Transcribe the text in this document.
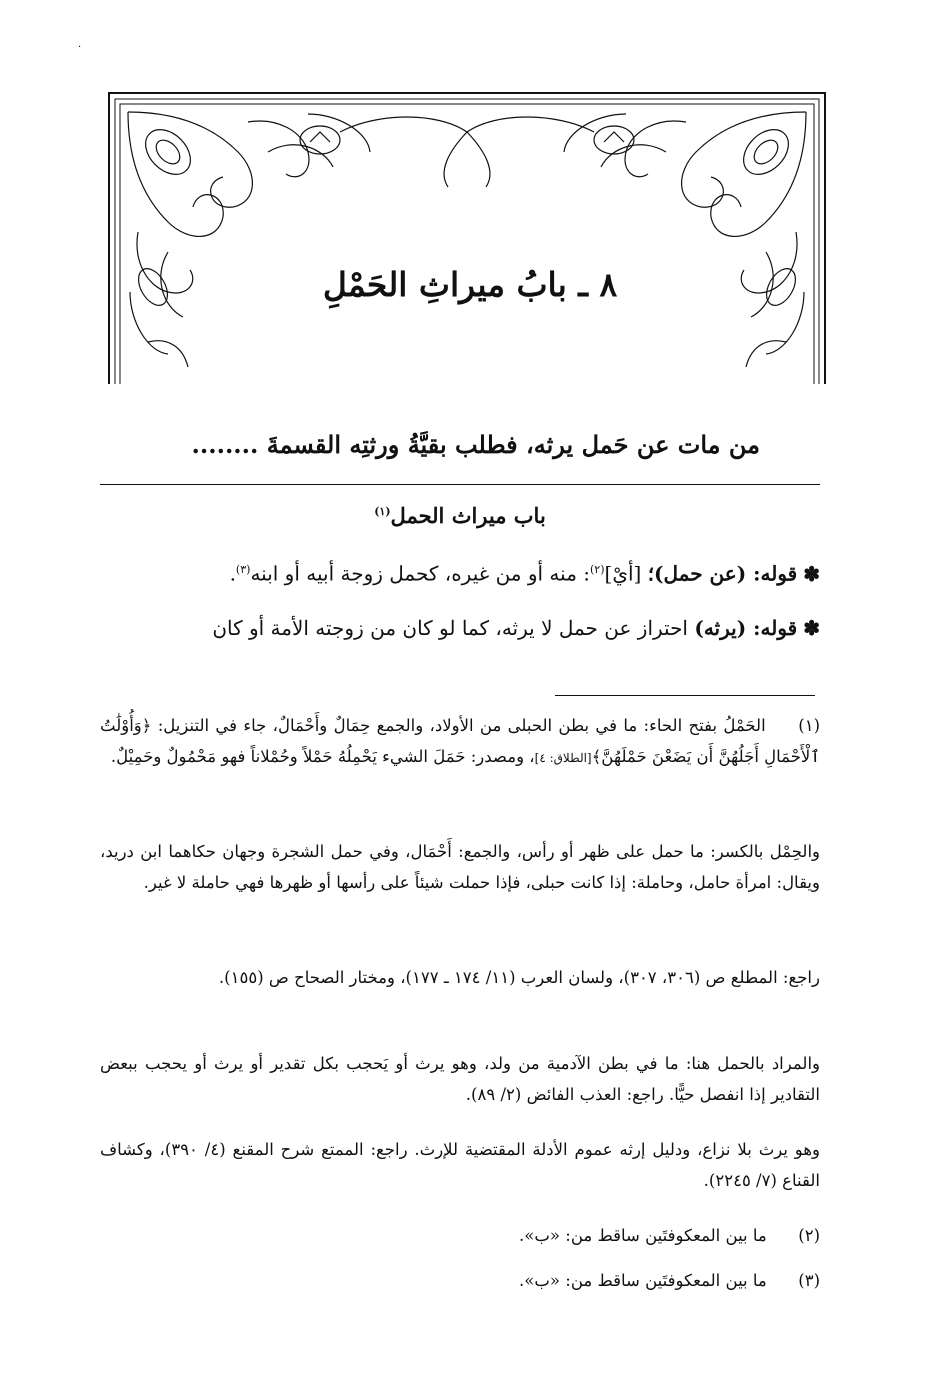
·
٨ ـ بابُ ميراثِ الحَمْلِ
من مات عن حَمل يرثه، فطلب بقيَّةُ ورثتِه القسمةَ ........
باب ميراث الحمل$^{(١)}$
✽قوله: (عن حمل)؛ [أيْ]$^{(٢)}$: منه أو من غيره، كحمل زوجة أبيه أو ابنه$^{(٣)}$.
✽قوله: (يرثه) احتراز عن حمل لا يرثه، كما لو كان من زوجته الأمة أو كان
(١) الحَمْلُ بفتح الحاء: ما في بطن الحبلى من الأولاد، والجمع حِمَالٌ وأَحْمَالٌ، جاء في التنزيل: ﴿وَأُوْلَٰتُ ٱلْأَحْمَالِ أَجَلُهُنَّ أَن يَضَعْنَ حَمْلَهُنَّ﴾[الطلاق: ٤]، ومصدر: حَمَلَ الشيء يَحْمِلُهُ حَمْلاً وحُمْلاناً فهو مَحْمُولٌ وحَمِيْلٌ.
والحِمْل بالكسر: ما حمل على ظهر أو رأس، والجمع: أَحْمَال، وفي حمل الشجرة وجهان حكاهما ابن دريد، ويقال: امرأة حامل، وحاملة: إذا كانت حبلى، فإذا حملت شيئاً على رأسها أو ظهرها فهي حاملة لا غير.
راجع: المطلع ص (٣٠٦، ٣٠٧)، ولسان العرب (١١/ ١٧٤ ـ ١٧٧)، ومختار الصحاح ص (١٥٥).
والمراد بالحمل هنا: ما في بطن الآدمية من ولد، وهو يرث أو يَحجب بكل تقدير أو يرث أو يحجب ببعض التقادير إذا انفصل حيًّا. راجع: العذب الفائض (٢/ ٨٩).
وهو يرث بلا نزاع، ودليل إرثه عموم الأدلة المقتضية للإرث. راجع: الممتع شرح المقنع (٤/ ٣٩٠)، وكشاف القناع (٧/ ٢٢٤٥).
(٢) ما بين المعكوفتَين ساقط من: «ب».
(٣) ما بين المعكوفتَين ساقط من: «ب».
